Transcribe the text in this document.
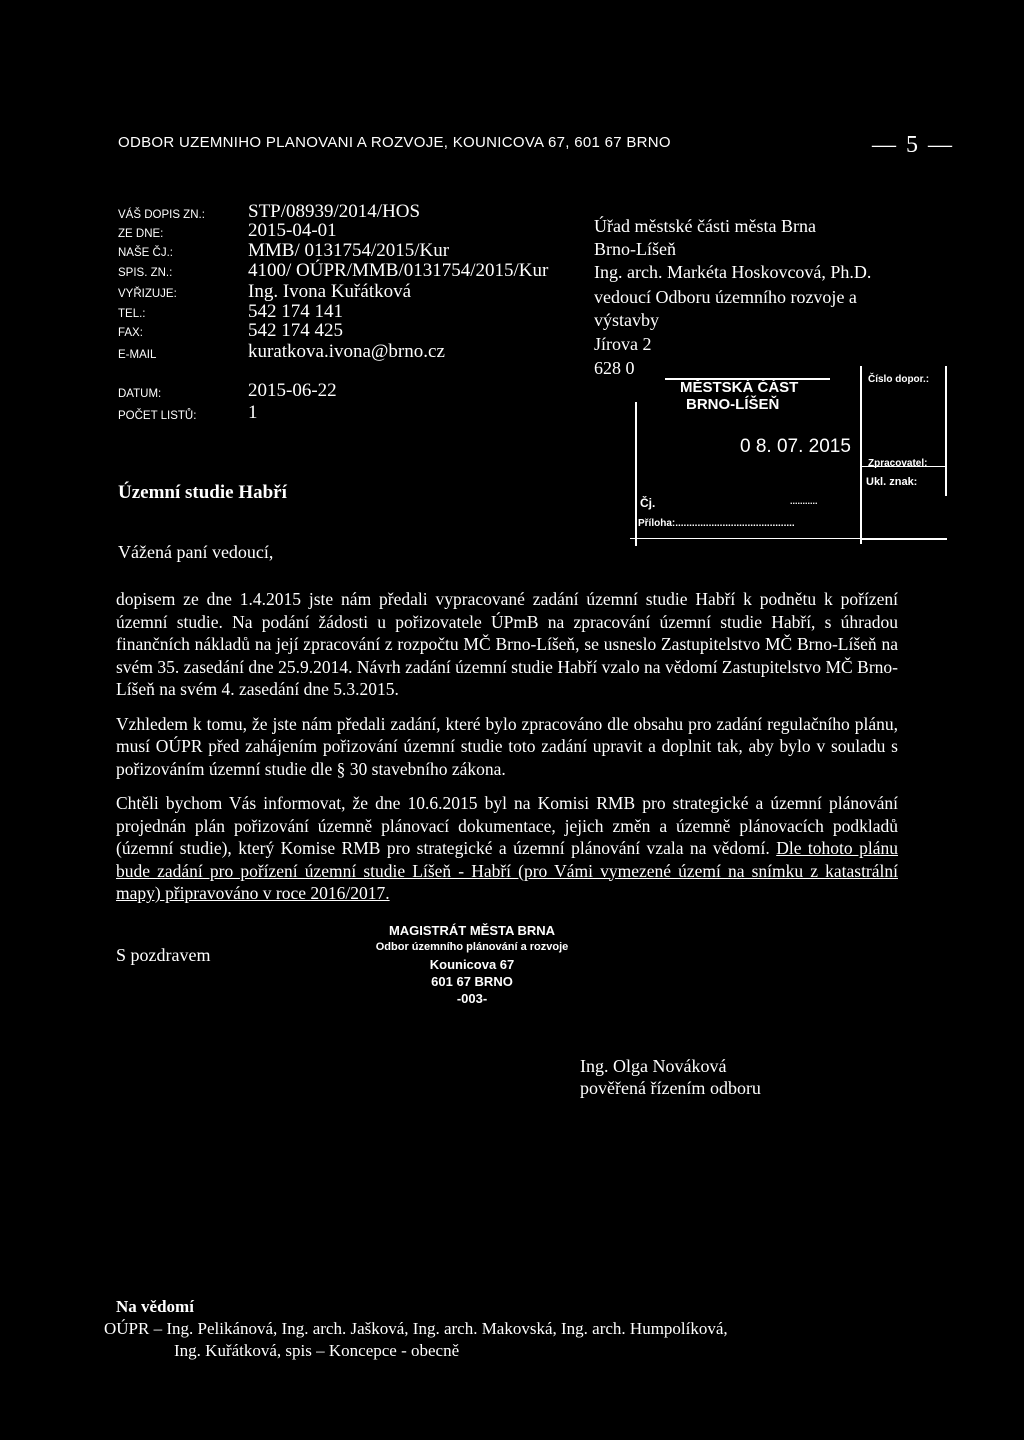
ODBOR UZEMNIHO PLANOVANI A ROZVOJE, KOUNICOVA 67, 601 67 BRNO	— 5 —
VÁŠ DOPIS ZN.: STP/08939/2014/HOS
ZE DNE:	2015-04-01
NAŠE ČJ.:	MMB/ 0131754/2015/Kur
SPIS. ZN.:	4100/ OÚPR/MMB/0131754/2015/Kur
VYŘIZUJE:	Ing. Ivona Kuřátková
TEL.:	542 174 141
FAX:	542 174 425
E-MAIL	kuratkova.ivona@brno.cz
DATUM:	2015-06-22
POČET LISTŮ:	1
Úřad městské části města Brna
Brno-Líšeň
Ing. arch. Markéta Hoskovcová, Ph.D.
vedoucí Odboru územního rozvoje a
výstavby
Jírova 2
628 0
MĚSTSKÁ ČÁST
BRNO-LÍŠEŇ
0 8. 07. 2015
Číslo dopor.:
Zpracovatel:
Čj.	...........
Příloha:...........................................
Ukl. znak:
Územní studie Habří
Vážená paní vedoucí,

dopisem ze dne 1.4.2015 jste nám předali vypracované zadání územní studie Habří k podnětu k pořízení územní studie. Na podání žádosti u pořizovatele ÚPmB na zpracování územní studie Habří, s úhradou finančních nákladů na její zpracování z rozpočtu MČ Brno-Líšeň, se usneslo Zastupitelstvo MČ Brno-Líšeň na svém 35. zasedání dne 25.9.2014. Návrh zadání územní studie Habří vzalo na vědomí Zastupitelstvo MČ Brno-Líšeň na svém 4. zasedání dne 5.3.2015.

Vzhledem k tomu, že jste nám předali zadání, které bylo zpracováno dle obsahu pro zadání regulačního plánu, musí OÚPR před zahájením pořizování územní studie toto zadání upravit a doplnit tak, aby bylo v souladu s pořizováním územní studie dle § 30 stavebního zákona.

Chtěli bychom Vás informovat, že dne 10.6.2015 byl na Komisi RMB pro strategické a územní plánování projednán plán pořizování územně plánovací dokumentace, jejich změn a územně plánovacích podkladů (územní studie), který Komise RMB pro strategické a územní plánování vzala na vědomí. Dle tohoto plánu bude zadání pro pořízení územní studie Líšeň - Habří (pro Vámi vymezené území na snímku z katastrální mapy) připravováno v roce 2016/2017.

S pozdravem
MAGISTRÁT MĚSTA BRNA
Odbor územního plánování a rozvoje
Kounicova 67
601 67 BRNO
-003-
Ing. Olga Nováková
pověřená řízením odboru
Na vědomí
OÚPR – Ing. Pelikánová, Ing. arch. Jašková, Ing. arch. Makovská, Ing. arch. Humpolíková,
Ing. Kuřátková, spis – Koncepce - obecně
